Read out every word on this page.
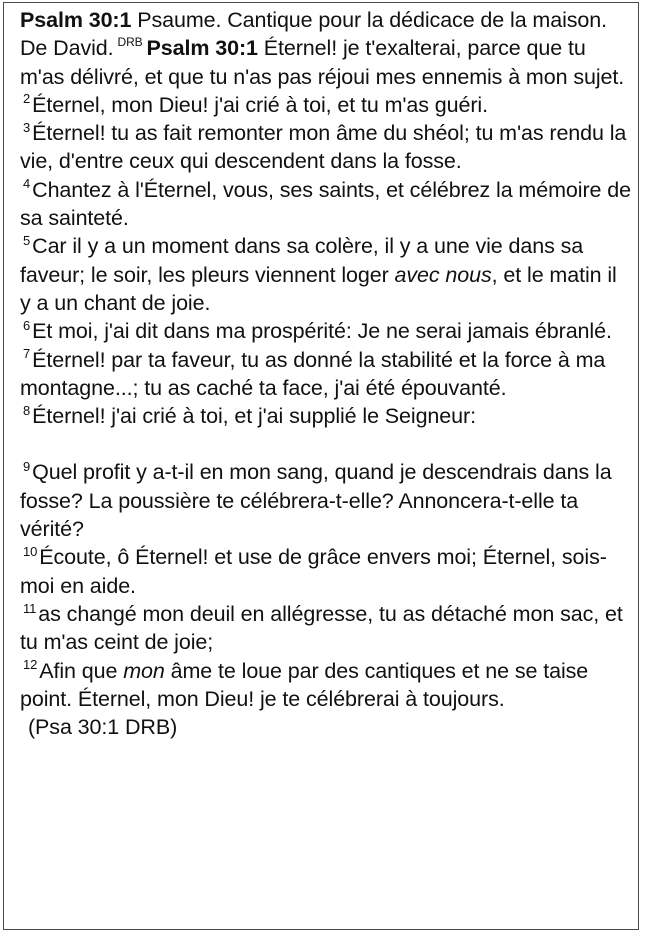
Psalm 30:1 Psaume. Cantique pour la dédicace de la maison. De David. $^{DRB}$ Psalm 30:1 Éternel! je t'exalterai, parce que tu m'as délivré, et que tu n'as pas réjoui mes ennemis à mon sujet.

$^2$Éternel, mon Dieu! j'ai crié à toi, et tu m'as guéri.

$^3$Éternel! tu as fait remonter mon âme du shéol; tu m'as rendu la vie, d'entre ceux qui descendent dans la fosse.

$^4$Chantez à l'Éternel, vous, ses saints, et célébrez la mémoire de sa sainteté.

$^5$Car il y a un moment dans sa colère, il y a une vie dans sa faveur; le soir, les pleurs viennent loger avec nous, et le matin il y a un chant de joie.

$^6$Et moi, j'ai dit dans ma prospérité: Je ne serai jamais ébranlé.

$^7$Éternel! par ta faveur, tu as donné la stabilité et la force à ma montagne...; tu as caché ta face, j'ai été épouvanté.

$^8$Éternel! j'ai crié à toi, et j'ai supplié le Seigneur:

$^9$Quel profit y a-t-il en mon sang, quand je descendrais dans la fosse? La poussière te célébrera-t-elle? Annoncera-t-elle ta vérité?

$^{10}$Écoute, ô Éternel! et use de grâce envers moi; Éternel, sois-moi en aide.

$^{11}$as changé mon deuil en allégresse, tu as détaché mon sac, et tu m'as ceint de joie;

$^{12}$Afin que mon âme te loue par des cantiques et ne se taise point. Éternel, mon Dieu! je te célébrerai à toujours.

(Psa 30:1 DRB)
